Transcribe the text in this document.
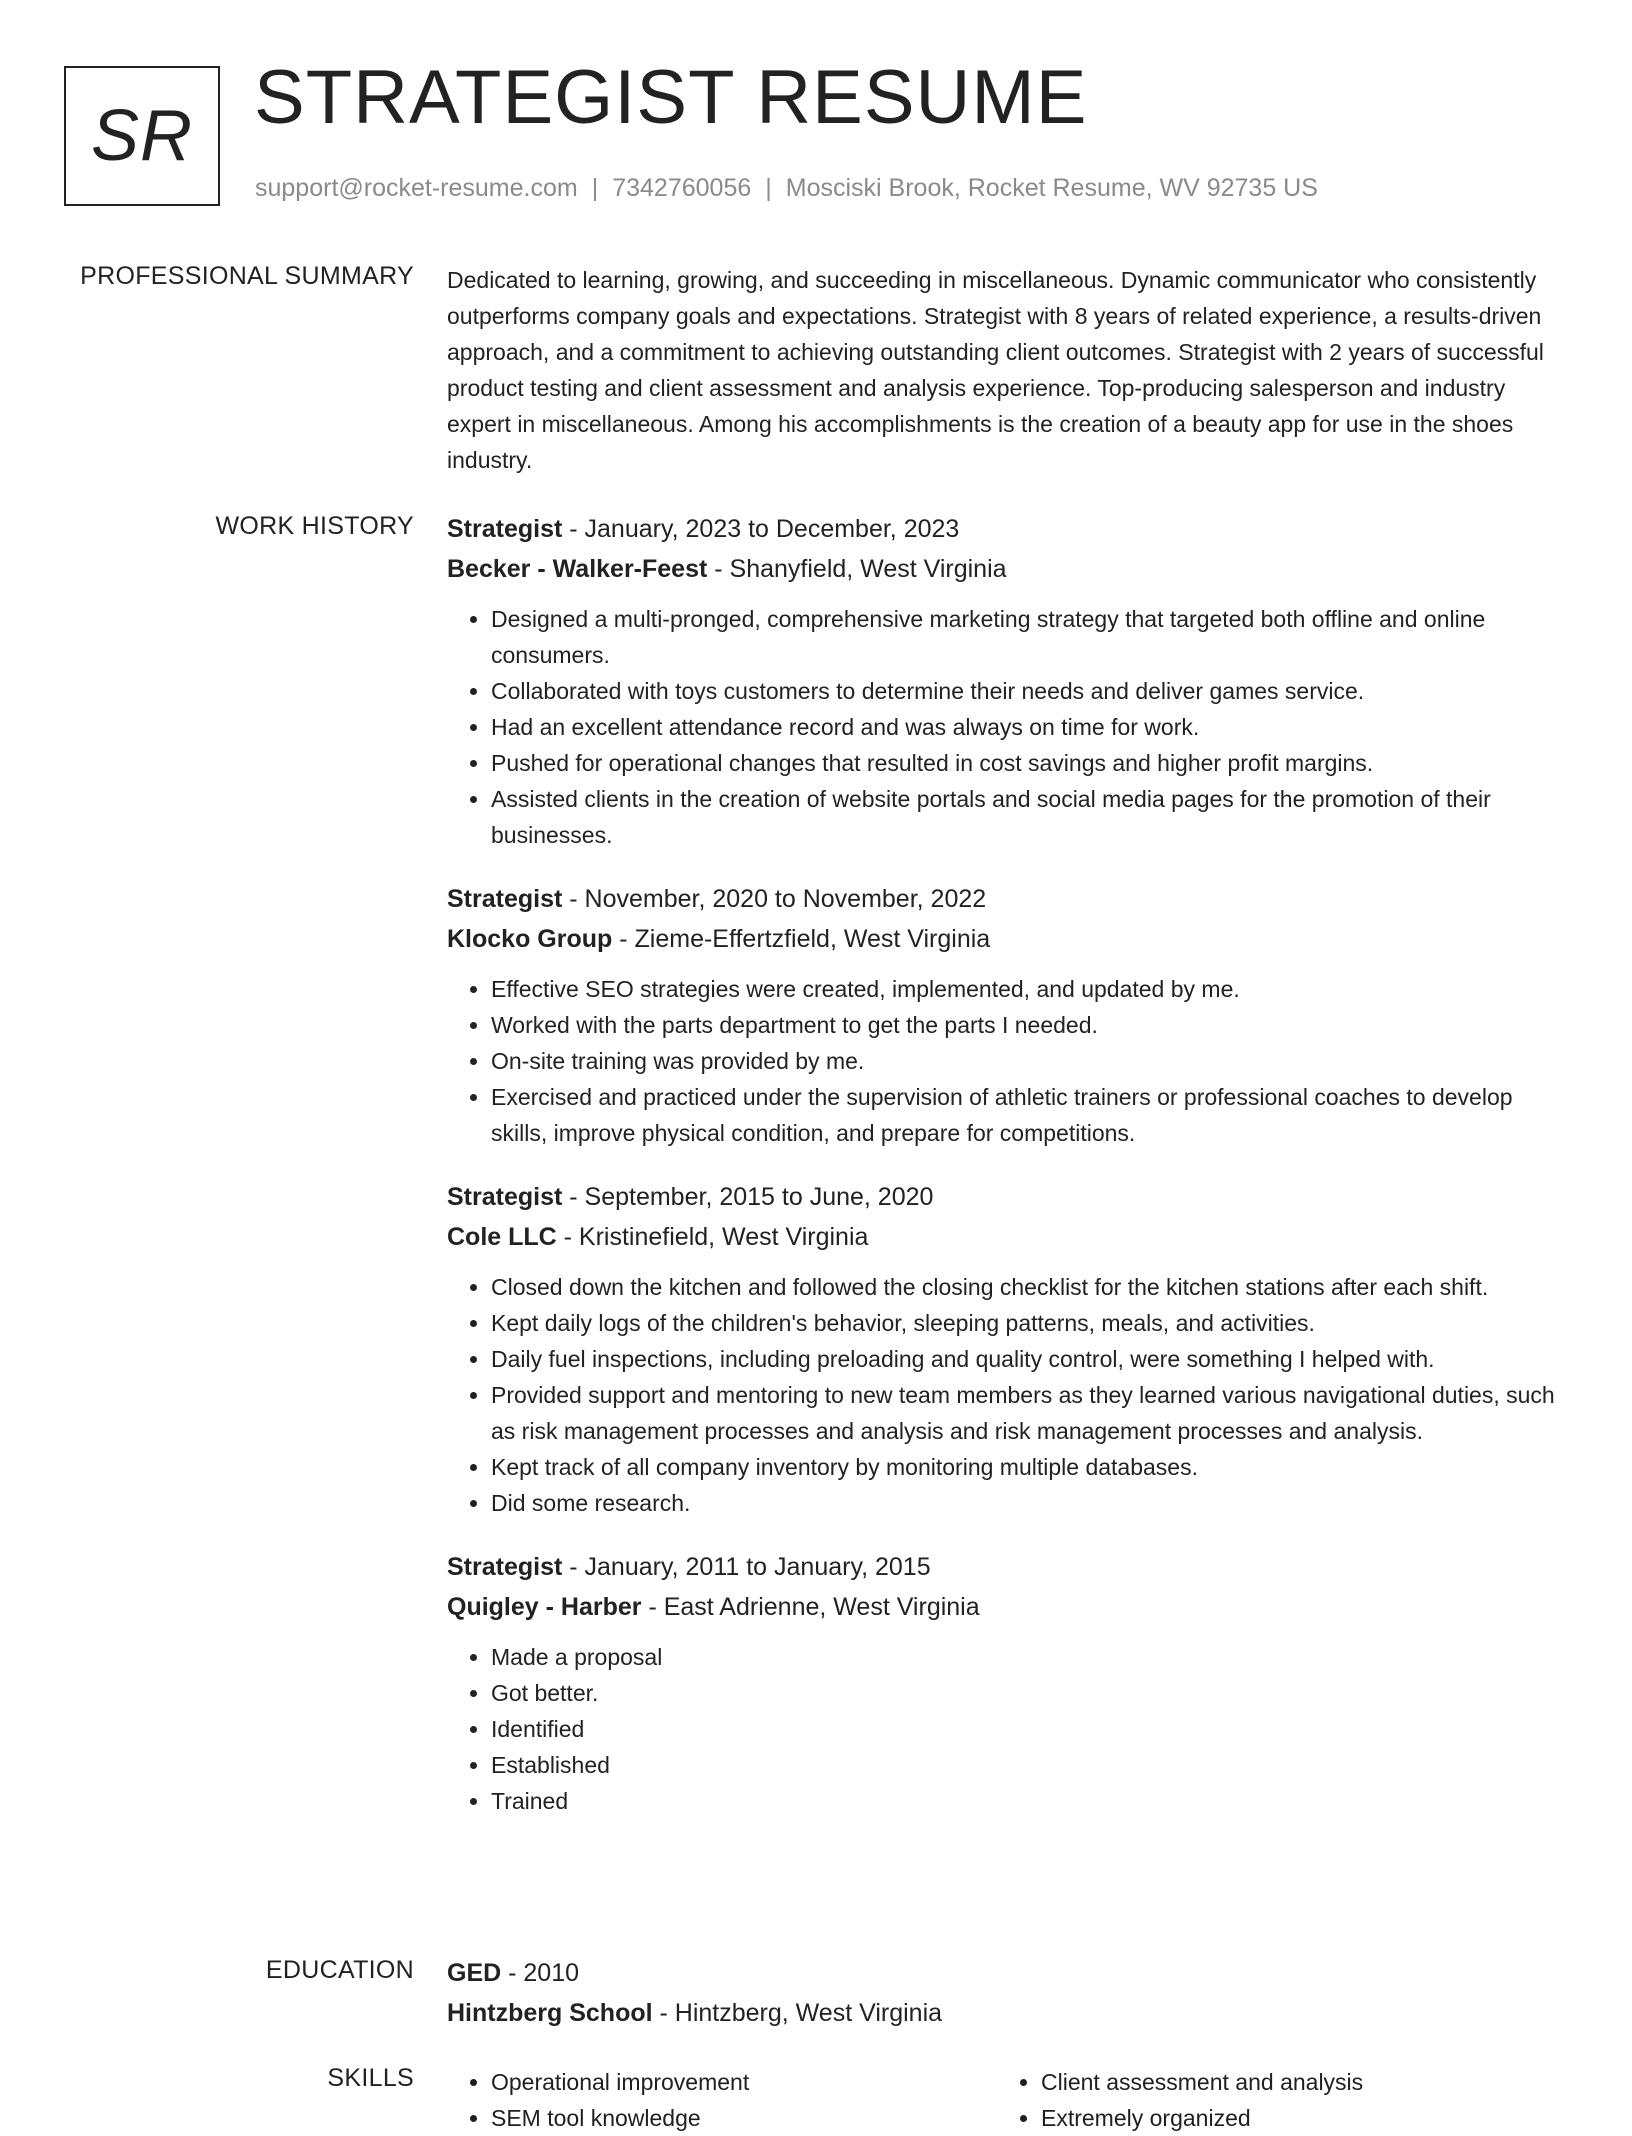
SR STRATEGIST RESUME
support@rocket-resume.com | 7342760056 | Mosciski Brook, Rocket Resume, WV 92735 US
PROFESSIONAL SUMMARY Dedicated to learning, growing, and succeeding in miscellaneous. Dynamic communicator who consistently outperforms company goals and expectations. Strategist with 8 years of related experience, a results-driven approach, and a commitment to achieving outstanding client outcomes. Strategist with 2 years of successful product testing and client assessment and analysis experience. Top-producing salesperson and industry expert in miscellaneous. Among his accomplishments is the creation of a beauty app for use in the shoes industry.

WORK HISTORY Strategist - January, 2023 to December, 2023
Becker - Walker-Feest - Shanyfield, West Virginia
• Designed a multi-pronged, comprehensive marketing strategy that targeted both offline and online consumers.
• Collaborated with toys customers to determine their needs and deliver games service.
• Had an excellent attendance record and was always on time for work.
• Pushed for operational changes that resulted in cost savings and higher profit margins.
• Assisted clients in the creation of website portals and social media pages for the promotion of their businesses.
Strategist - November, 2020 to November, 2022
Klocko Group - Zieme-Effertzfield, West Virginia
• Effective SEO strategies were created, implemented, and updated by me.
• Worked with the parts department to get the parts I needed.
• On-site training was provided by me.
• Exercised and practiced under the supervision of athletic trainers or professional coaches to develop skills, improve physical condition, and prepare for competitions.
Strategist - September, 2015 to June, 2020
Cole LLC - Kristinefield, West Virginia
• Closed down the kitchen and followed the closing checklist for the kitchen stations after each shift.
• Kept daily logs of the children's behavior, sleeping patterns, meals, and activities.
• Daily fuel inspections, including preloading and quality control, were something I helped with.
• Provided support and mentoring to new team members as they learned various navigational duties, such as risk management processes and analysis and risk management processes and analysis.
• Kept track of all company inventory by monitoring multiple databases.
• Did some research.
Strategist - January, 2011 to January, 2015
Quigley - Harber - East Adrienne, West Virginia
• Made a proposal
• Got better.
• Identified
• Established
• Trained
EDUCATION GED - 2010
Hintzberg School - Hintzberg, West Virginia
SKILLS
•	Operational improvement
• SEM tool knowledge
• Client assessment and analysis
• Extremely organized
